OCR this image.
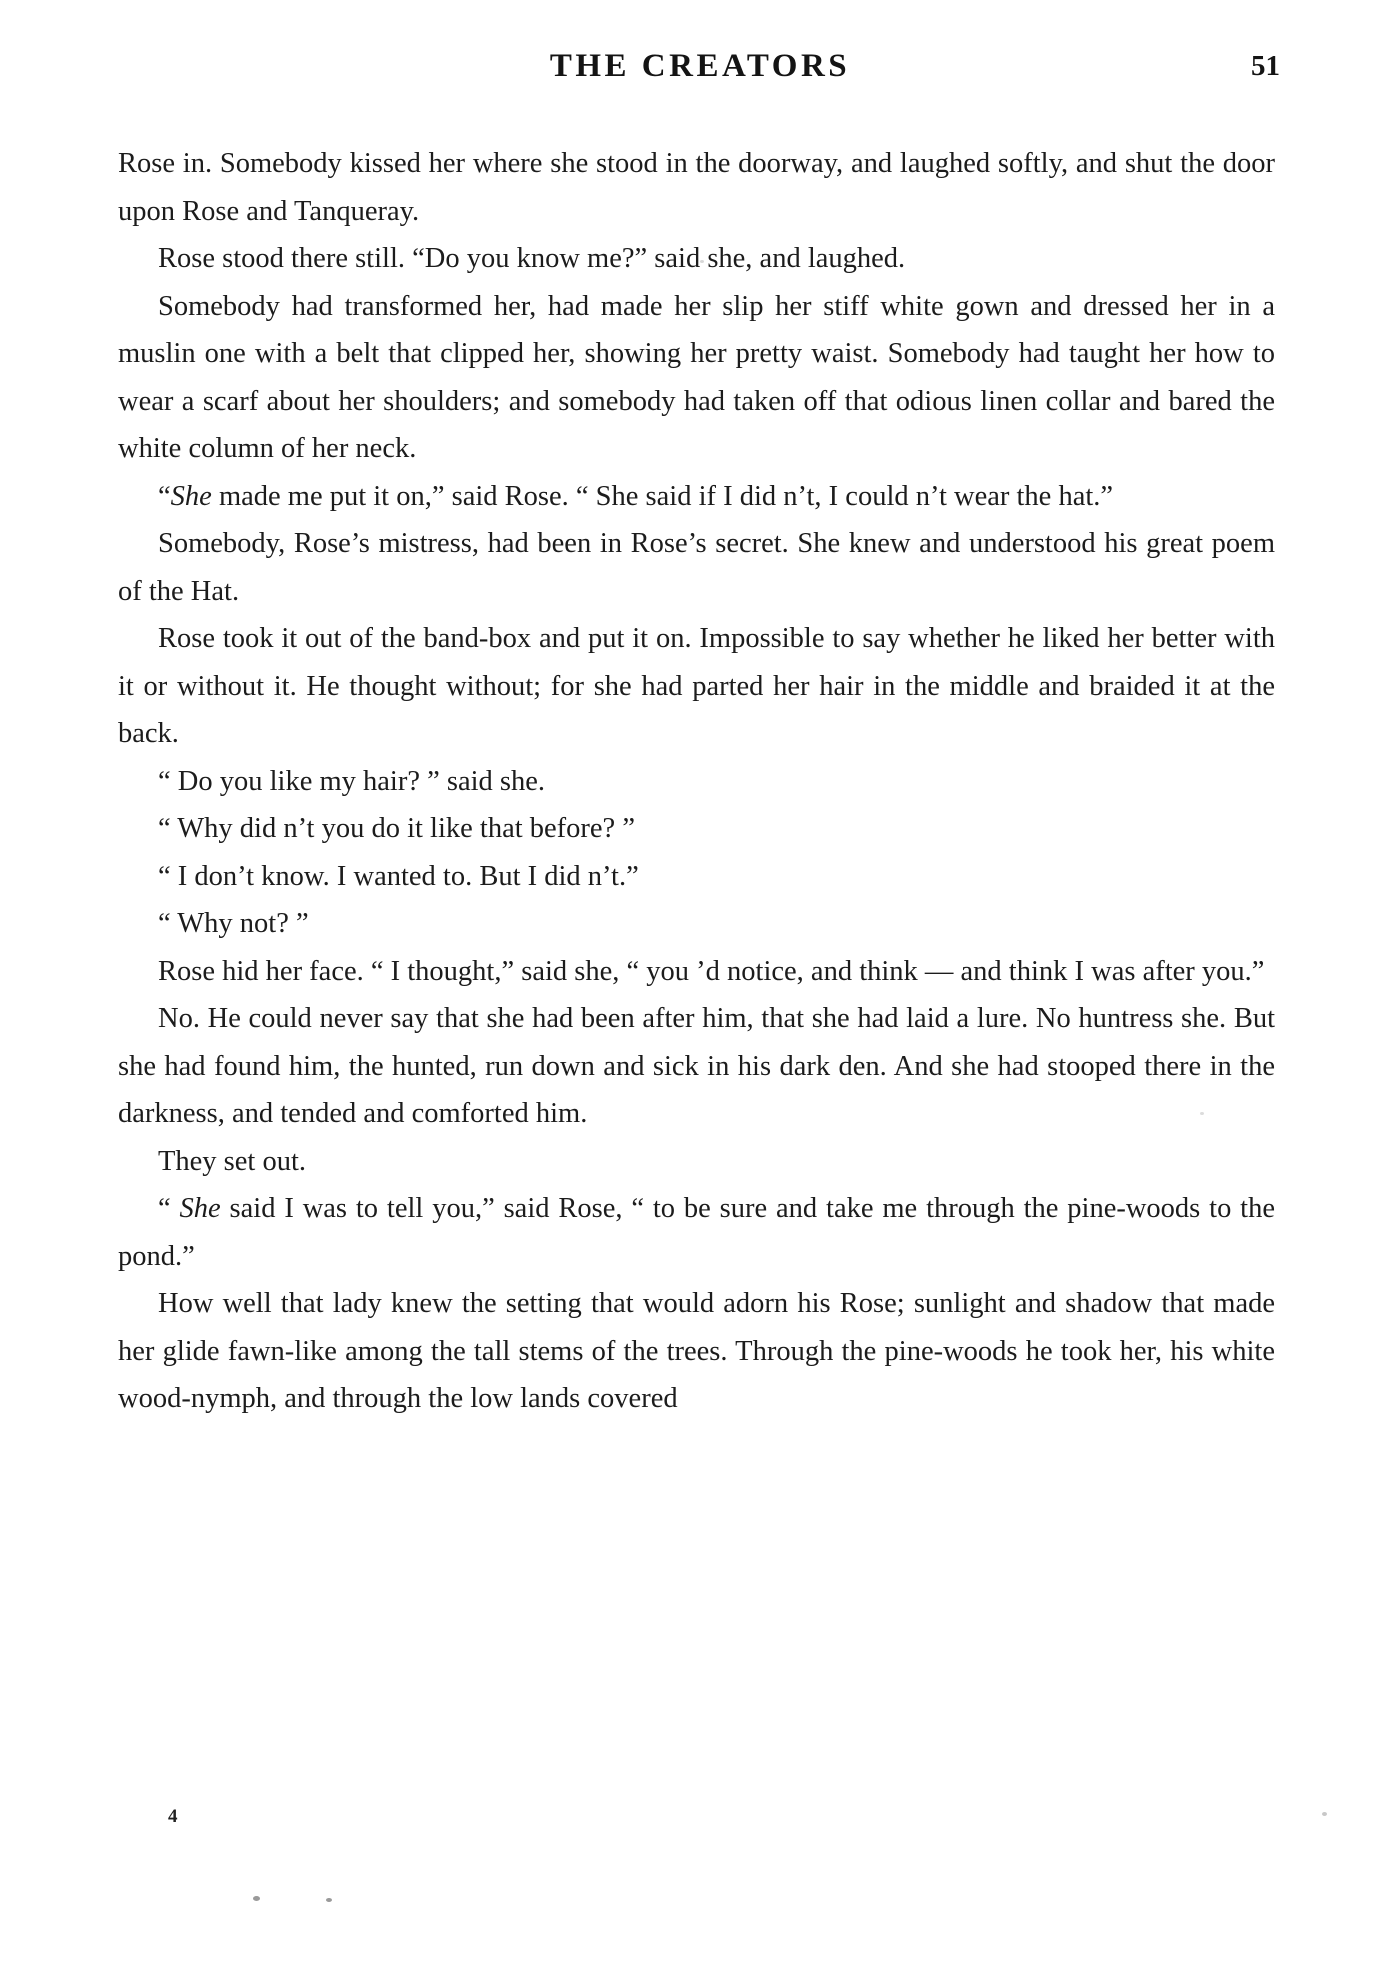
THE CREATORS	51

Rose in. Somebody kissed her where she stood in the doorway, and laughed softly, and shut the door upon Rose and Tanqueray.

Rose stood there still. “Do you know me?” said she, and laughed.

Somebody had transformed her, had made her slip her stiff white gown and dressed her in a muslin one with a belt that clipped her, showing her pretty waist. Somebody had taught her how to wear a scarf about her shoulders; and somebody had taken off that odious linen collar and bared the white column of her neck.

“She made me put it on,” said Rose. “ She said if I did n’t, I could n’t wear the hat.”

Somebody, Rose’s mistress, had been in Rose’s secret. She knew and understood his great poem of the Hat.

Rose took it out of the band-box and put it on. Impossible to say whether he liked her better with it or without it. He thought without; for she had parted her hair in the middle and braided it at the back.

“ Do you like my hair? ” said she.

“ Why did n’t you do it like that before? ”

“ I don’t know. I wanted to. But I did n’t.”

“ Why not? ”

Rose hid her face. “ I thought,” said she, “ you ’d notice, and think — and think I was after you.”

No. He could never say that she had been after him, that she had laid a lure. No huntress she. But she had found him, the hunted, run down and sick in his dark den. And she had stooped there in the darkness, and tended and comforted him.

They set out.

“ She said I was to tell you,” said Rose, “ to be sure and take me through the pine-woods to the pond.”

How well that lady knew the setting that would adorn his Rose; sunlight and shadow that made her glide fawn-like among the tall stems of the trees. Through the pine-woods he took her, his white wood-nymph, and through the low lands covered

4
